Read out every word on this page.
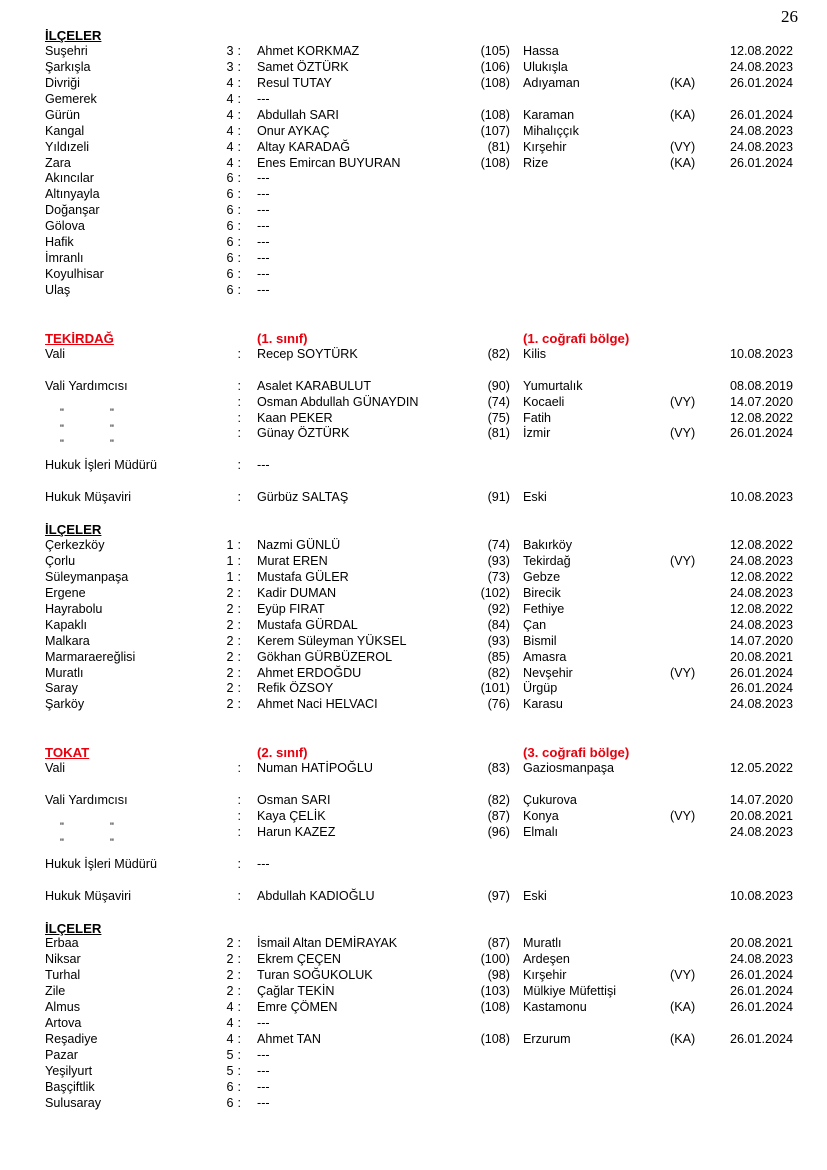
26
İLÇELER
Suşehri	3 : Ahmet KORKMAZ	(105) Hassa	12.08.2022
Şarkışla	3 : Samet ÖZTÜRK	(106) Ulukışla	24.08.2023
Divriği	4 : Resul TUTAY	(108) Adıyaman	(KA)	26.01.2024
Gemerek	4 : ---
Gürün	4 : Abdullah SARI	(108) Karaman	(KA)	26.01.2024
Kangal	4 : Onur AYKAÇ	(107) Mihalıççık	24.08.2023
Yıldızeli	4 : Altay KARADAĞ	(81) Kırşehir	(VY)	24.08.2023
Zara	4 : Enes Emircan BUYURAN	(108) Rize	(KA)	26.01.2024
Akıncılar	6 : ---
Altınyayla	6 : ---
Doğanşar	6 : ---
Gölova	6 : ---
Hafik	6 : ---
İmranlı	6 : ---
Koyulhisar	6 : ---
Ulaş	6 : ---
TEKİRDAĞ	(1. sınıf)	(1. coğrafi bölge)
Vali	: Recep SOYTÜRK	(82) Kilis	10.08.2023
Vali Yardımcısı	: Asalet KARABULUT	(90) Yumurtalık	08.08.2019
"	"
: Osman Abdullah GÜNAYDIN	(74) Kocaeli	(VY)	14.07.2020
"	"
: Kaan PEKER	(75) Fatih	12.08.2022
"	"
: Günay ÖZTÜRK	(81) İzmir	(VY)	26.01.2024
Hukuk İşleri Müdürü	: ---
Hukuk Müşaviri	: Gürbüz SALTAŞ	(91) Eski	10.08.2023
İLÇELER
Çerkezköy	1 : Nazmi GÜNLÜ	(74) Bakırköy	12.08.2022
Çorlu	1 : Murat EREN	(93) Tekirdağ	(VY)	24.08.2023
Süleymanpaşa	1 : Mustafa GÜLER	(73) Gebze	12.08.2022
Ergene	2 : Kadir DUMAN	(102) Birecik	24.08.2023
Hayrabolu	2 : Eyüp FIRAT	(92) Fethiye	12.08.2022
Kapaklı	2 : Mustafa GÜRDAL	(84) Çan	24.08.2023
Malkara	2 : Kerem Süleyman YÜKSEL	(93) Bismil	14.07.2020
Marmaraereğlisi	2 : Gökhan GÜRBÜZEROL	(85) Amasra	20.08.2021
Muratlı	2 : Ahmet ERDOĞDU	(82) Nevşehir	(VY)	26.01.2024
Saray	2 : Refik ÖZSOY	(101) Ürgüp	26.01.2024
Şarköy	2 : Ahmet Naci HELVACI	(76) Karasu	24.08.2023
TOKAT	(2. sınıf)	(3. coğrafi bölge)
Vali	: Numan HATİPOĞLU	(83) Gaziosmanpaşa	12.05.2022
Vali Yardımcısı	: Osman SARI	(82) Çukurova	14.07.2020
"	"
: Kaya ÇELİK	(87) Konya	(VY)	20.08.2021
"	"
: Harun KAZEZ	(96) Elmalı	24.08.2023
Hukuk İşleri Müdürü	: ---
Hukuk Müşaviri	: Abdullah KADIOĞLU	(97) Eski	10.08.2023
İLÇELER
Erbaa	2 : İsmail Altan DEMİRAYAK	(87) Muratlı	20.08.2021
Niksar	2 : Ekrem ÇEÇEN	(100) Ardeşen	24.08.2023
Turhal	2 : Turan SOĞUKOLUK	(98) Kırşehir	(VY)	26.01.2024
Zile	2 : Çağlar TEKİN	(103) Mülkiye Müfettişi	26.01.2024
Almus	4 : Emre ÇÖMEN	(108) Kastamonu	(KA)	26.01.2024
Artova	4 : ---
Reşadiye	4 : Ahmet TAN	(108) Erzurum	(KA)	26.01.2024
Pazar	5 : ---
Yeşilyurt	5 : ---
Başçiftlik	6 : ---
Sulusaray	6 : ---
